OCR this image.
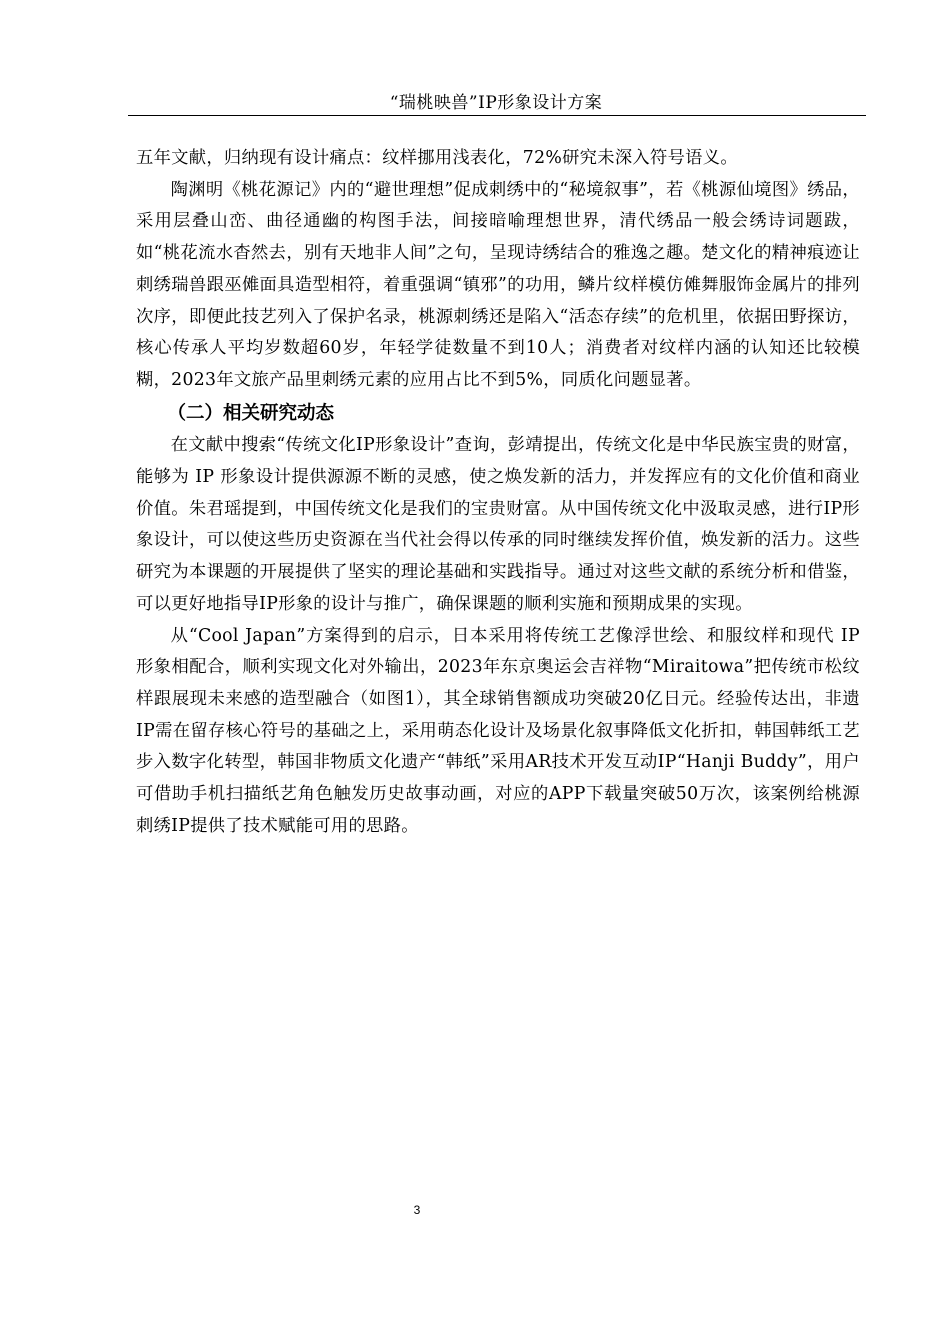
“瑞桃映兽”IP形象设计方案

五年文献，归纳现有设计痛点：纹样挪用浅表化，72%研究未深入符号语义。

陶渊明《桃花源记》内的“避世理想”促成刺绣中的“秘境叙事”，若《桃源仙境图》绣品，采用层叠山峦、曲径通幽的构图手法，间接暗喻理想世界，清代绣品一般会绣诗词题跋，如“桃花流水杳然去，别有天地非人间”之句，呈现诗绣结合的雅逸之趣。楚文化的精神痕迹让刺绣瑞兽跟巫傩面具造型相符，着重强调“镇邪”的功用，鳞片纹样模仿傩舞服饰金属片的排列次序，即便此技艺列入了保护名录，桃源刺绣还是陷入“活态存续”的危机里，依据田野探访，核心传承人平均岁数超60岁，年轻学徒数量不到10人；消费者对纹样内涵的认知还比较模糊，2023年文旅产品里刺绣元素的应用占比不到5%，同质化问题显著。

（二）相关研究动态

在文献中搜索“传统文化IP形象设计”查询，彭靖提出，传统文化是中华民族宝贵的财富，能够为 IP 形象设计提供源源不断的灵感，使之焕发新的活力，并发挥应有的文化价值和商业价值。朱君瑶提到，中国传统文化是我们的宝贵财富。从中国传统文化中汲取灵感，进行IP形象设计，可以使这些历史资源在当代社会得以传承的同时继续发挥价值，焕发新的活力。这些研究为本课题的开展提供了坚实的理论基础和实践指导。通过对这些文献的系统分析和借鉴，可以更好地指导IP形象的设计与推广，确保课题的顺利实施和预期成果的实现。

从“Cool Japan”方案得到的启示，日本采用将传统工艺像浮世绘、和服纹样和现代 IP 形象相配合，顺利实现文化对外输出，2023年东京奥运会吉祥物“Miraitowa”把传统市松纹样跟展现未来感的造型融合（如图1），其全球销售额成功突破20亿日元。经验传达出，非遗IP需在留存核心符号的基础之上，采用萌态化设计及场景化叙事降低文化折扣，韩国韩纸工艺步入数字化转型，韩国非物质文化遗产“韩纸”采用AR技术开发互动IP“Hanji Buddy”，用户可借助手机扫描纸艺角色触发历史故事动画，对应的APP下载量突破50万次，该案例给桃源刺绣IP提供了技术赋能可用的思路。

3
